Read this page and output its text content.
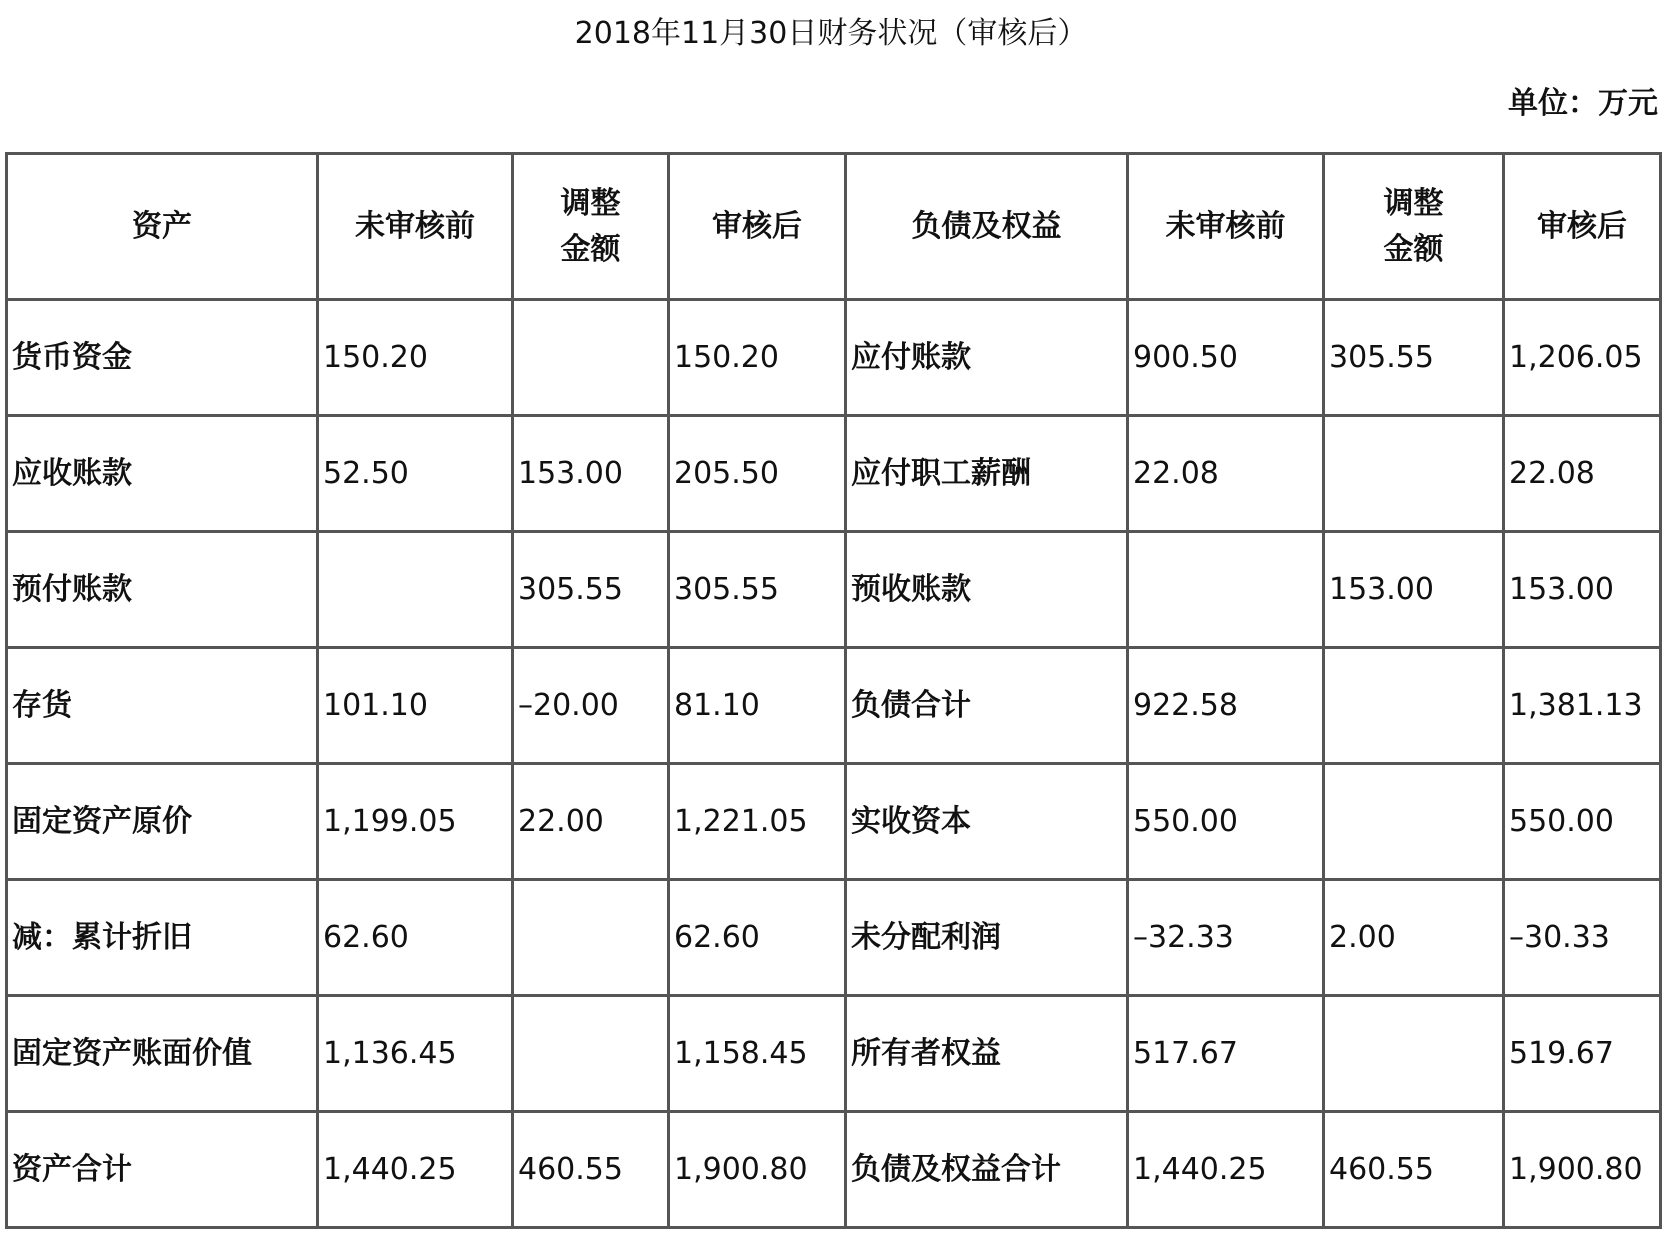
2018年11月30日财务状况（审核后）
单位：万元
资产	未审核前	调整金额	审核后	负债及权益	未审核前	调整金额	审核后
货币资金	150.20		150.20	应付账款	900.50	305.55	1,206.05
应收账款	52.50	153.00	205.50	应付职工薪酬	22.08		22.08
预付账款		305.55	305.55	预收账款		153.00	153.00
存货	101.10	–20.00	81.10	负债合计	922.58		1,381.13
固定资产原价	1,199.05	22.00	1,221.05	实收资本	550.00		550.00
减：累计折旧	62.60		62.60	未分配利润	–32.33	2.00	–30.33
固定资产账面价值	1,136.45		1,158.45	所有者权益	517.67		519.67
资产合计	1,440.25	460.55	1,900.80	负债及权益合计	1,440.25	460.55	1,900.80
